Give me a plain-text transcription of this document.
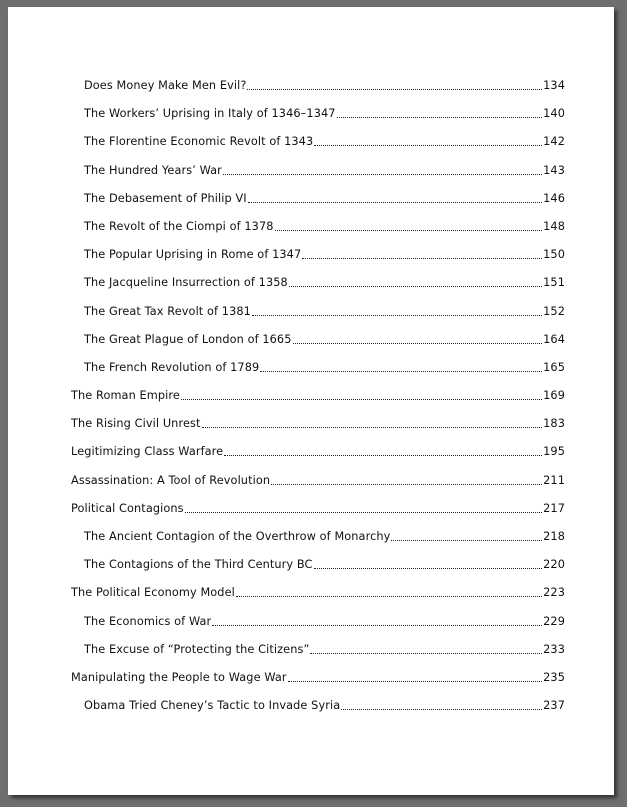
Does Money Make Men Evil?	134
The Workers’ Uprising in Italy of 1346–1347	140
The Florentine Economic Revolt of 1343	142
The Hundred Years’ War	143
The Debasement of Philip VI	146
The Revolt of the Ciompi of 1378	148
The Popular Uprising in Rome of 1347	150
The Jacqueline Insurrection of 1358	151
The Great Tax Revolt of 1381	152
The Great Plague of London of 1665	164
The French Revolution of 1789	165
The Roman Empire	169
The Rising Civil Unrest	183
Legitimizing Class Warfare	195
Assassination: A Tool of Revolution	211
Political Contagions	217
The Ancient Contagion of the Overthrow of Monarchy	218
The Contagions of the Third Century BC	220
The Political Economy Model	223
The Economics of War	229
The Excuse of “Protecting the Citizens”	233
Manipulating the People to Wage War	235
Obama Tried Cheney’s Tactic to Invade Syria	237
